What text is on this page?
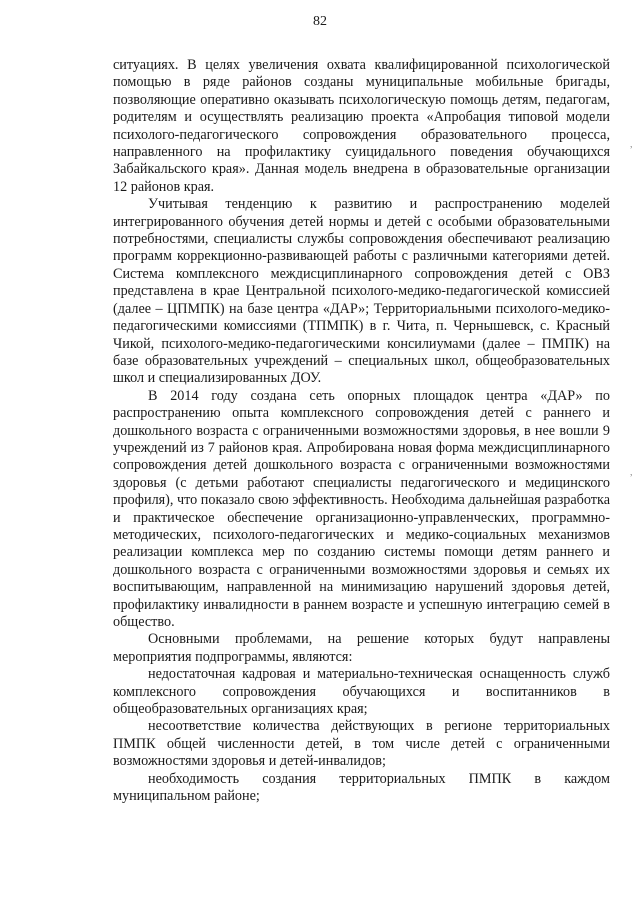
82

ситуациях. В целях увеличения охвата квалифицированной психологической помощью в ряде районов созданы муниципальные мобильные бригады, позволяющие оперативно оказывать психологическую помощь детям, педагогам, родителям и осуществлять реализацию проекта «Апробация типовой модели психолого-педагогического сопровождения образовательного процесса, направленного на профилактику суицидального поведения обучающихся Забайкальского края». Данная модель внедрена в образовательные организации 12 районов края.

Учитывая тенденцию к развитию и распространению моделей интегрированного обучения детей нормы и детей с особыми образовательными потребностями, специалисты службы сопровождения обеспечивают реализацию программ коррекционно-развивающей работы с различными категориями детей. Система комплексного междисциплинарного сопровождения детей с ОВЗ представлена в крае Центральной психолого-медико-педагогической комиссией (далее – ЦПМПК) на базе центра «ДАР»; Территориальными психолого-медико-педагогическими комиссиями (ТПМПК) в г. Чита, п. Чернышевск, с. Красный Чикой, психолого-медико-педагогическими консилиумами (далее – ПМПК) на базе образовательных учреждений – специальных школ, общеобразовательных школ и специализированных ДОУ.

В 2014 году создана сеть опорных площадок центра «ДАР» по распространению опыта комплексного сопровождения детей с раннего и дошкольного возраста с ограниченными возможностями здоровья, в нее вошли 9 учреждений из 7 районов края. Апробирована новая форма междисциплинарного сопровождения детей дошкольного возраста с ограниченными возможностями здоровья (с детьми работают специалисты педагогического и медицинского профиля), что показало свою эффективность. Необходима дальнейшая разработка и практическое обеспечение организационно-управленческих, программно-методических, психолого-педагогических и медико-социальных механизмов реализации комплекса мер по созданию системы помощи детям раннего и дошкольного возраста с ограниченными возможностями здоровья и семьях их воспитывающим, направленной на минимизацию нарушений здоровья детей, профилактику инвалидности в раннем возрасте и успешную интеграцию семей в общество.

Основными проблемами, на решение которых будут направлены мероприятия подпрограммы, являются:

недостаточная кадровая и материально-техническая оснащенность служб комплексного сопровождения обучающихся и воспитанников в общеобразовательных организациях края;

несоответствие количества действующих в регионе территориальных ПМПК общей численности детей, в том числе детей с ограниченными возможностями здоровья и детей-инвалидов;

необходимость создания территориальных ПМПК в каждом муниципальном районе;

,
,
